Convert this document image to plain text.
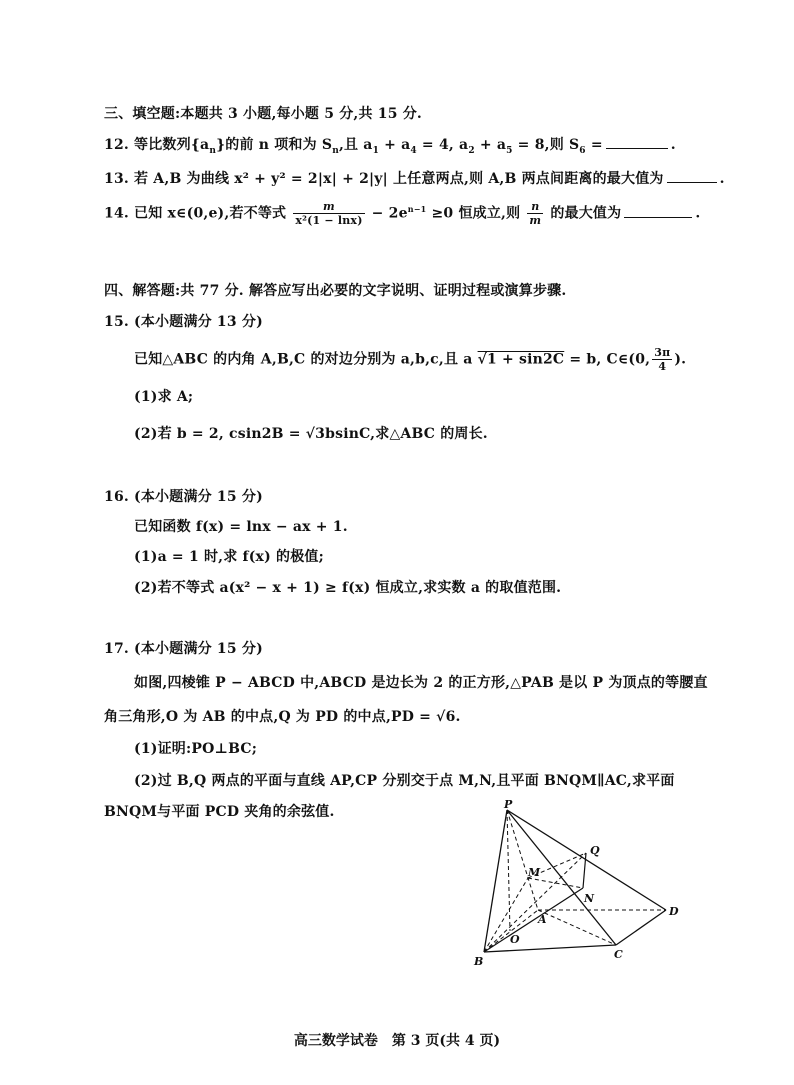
三、填空题:本题共 3 小题,每小题 5 分,共 15 分.
12. 等比数列$\{a_n\}$的前 n 项和为 $S_n$,且 $a_1 + a_4 = 4$, $a_2 + a_5 = 8$,则 $S_6$ =	.
13. 若 A,B 为曲线 x² + y² = 2|x| + 2|y| 上任意两点,则 A,B 两点间距离的最大值为	.
14. 已知 x∈(0,e),若不等式 $\frac{m}{\text{x²(1 − lnx)}} - 2e^{n-1} \ge 0$ 恒成立,则 $\frac{n}{m}$ 的最大值为	.
四、解答题:共 77 分. 解答应写出必要的文字说明、证明过程或演算步骤.
15. (本小题满分 13 分)
已知△ABC 的内角 A,B,C 的对边分别为 a,b,c,且 a √1 + sin2C = b, C∈(0, $\frac{3\pi}{4}$ ).
(1)求 A;
(2)若 b = 2, csin2B = √3bsinC,求△ABC 的周长.
16. (本小题满分 15 分)
已知函数 f(x) = lnx − ax + 1.
(1)a = 1 时,求 f(x) 的极值;
(2)若不等式 a(x² − x + 1) ≥ f(x) 恒成立,求实数 a 的取值范围.
17. (本小题满分 15 分)
如图,四棱锥 P − ABCD 中,ABCD 是边长为 2 的正方形,△PAB 是以 P 为顶点的等腰直
角三角形,O 为 AB 的中点,Q 为 PD 的中点,PD = √6.
(1)证明:PO⊥BC;
(2)过 B,Q 两点的平面与直线 AP,CP 分别交于点 M,N,且平面 BNQM∥AC,求平面
BNQM与平面 PCD 夹角的余弦值.	P
Q
M
N
A
D
O
B
C
高三数学试卷　第 3 页(共 4 页)
